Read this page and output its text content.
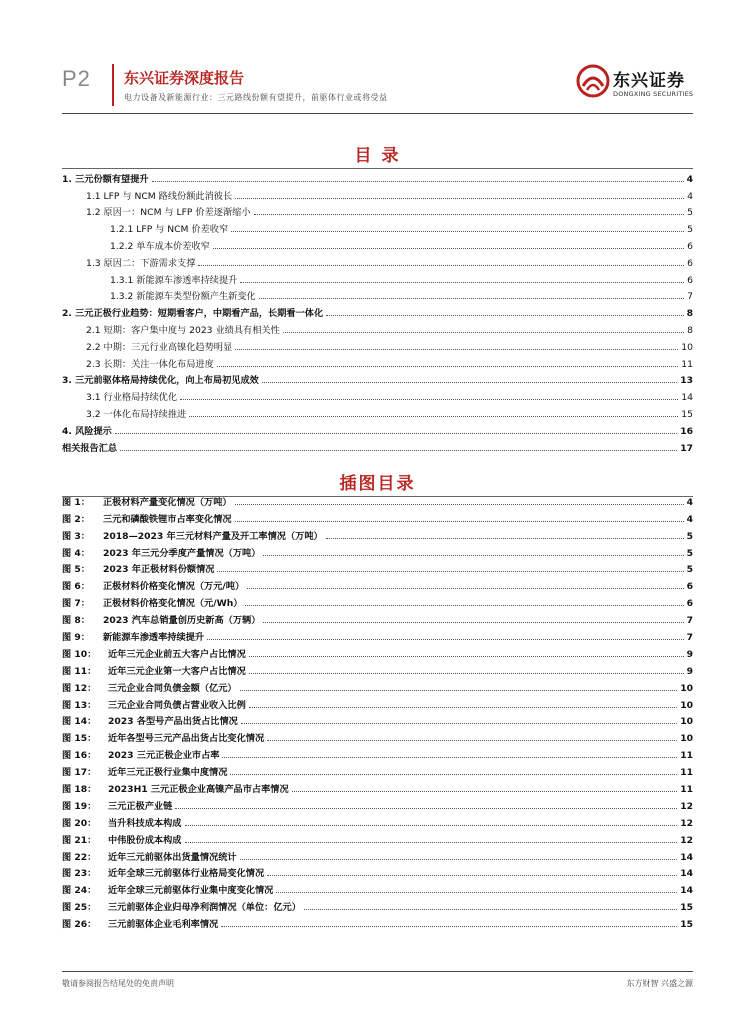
P2 东兴证券深度报告
电力设备及新能源行业：三元路线份额有望提升，前驱体行业或将受益
东兴证券
DONGXING SECURITIES
目 录
1. 三元份额有望提升	4
1.1 LFP 与 NCM 路线份额此消彼长	4
1.2 原因一：NCM 与 LFP 价差逐渐缩小	5
1.2.1 LFP 与 NCM 价差收窄	5
1.2.2 单车成本价差收窄	6
1.3 原因二：下游需求支撑	6
1.3.1 新能源车渗透率持续提升	6
1.3.2 新能源车类型份额产生新变化	7
2. 三元正极行业趋势：短期看客户，中期看产品，长期看一体化	8
2.1 短期：客户集中度与 2023 业绩具有相关性	8
2.2 中期：三元行业高镍化趋势明显	10
2.3 长期：关注一体化布局进度	11
3. 三元前驱体格局持续优化，向上布局初见成效	13
3.1 行业格局持续优化	14
3.2 一体化布局持续推进	15
4. 风险提示	16
相关报告汇总	17
插图目录
图 1：	正极材料产量变化情况（万吨）	4
图 2：	三元和磷酸铁锂市占率变化情况	4
图 3：	2018—2023 年三元材料产量及开工率情况（万吨）	5
图 4：	2023 年三元分季度产量情况（万吨）	5
图 5：	2023 年正极材料份额情况	5
图 6：	正极材料价格变化情况（万元/吨）	6
图 7：	正极材料价格变化情况（元/Wh）	6
图 8：	2023 汽车总销量创历史新高（万辆）	7
图 9：	新能源车渗透率持续提升	7
图 10：	近年三元企业前五大客户占比情况	9
图 11：	近年三元企业第一大客户占比情况	9
图 12：	三元企业合同负债金额（亿元）	10
图 13：	三元企业合同负债占营业收入比例	10
图 14：	2023 各型号产品出货占比情况	10
图 15：	近年各型号三元产品出货占比变化情况	10
图 16：	2023 三元正极企业市占率	11
图 17：	近年三元正极行业集中度情况	11
图 18：	2023H1 三元正极企业高镍产品市占率情况	11
图 19：	三元正极产业链	12
图 20：	当升科技成本构成	12
图 21：	中伟股份成本构成	12
图 22：	近年三元前驱体出货量情况统计	14
图 23：	近年全球三元前驱体行业格局变化情况	14
图 24：	近年全球三元前驱体行业集中度变化情况	14
图 25：	三元前驱体企业归母净利润情况（单位：亿元）	15
图 26：	三元前驱体企业毛利率情况	15
敬请参阅报告结尾处的免责声明	东方财智 兴盛之源
